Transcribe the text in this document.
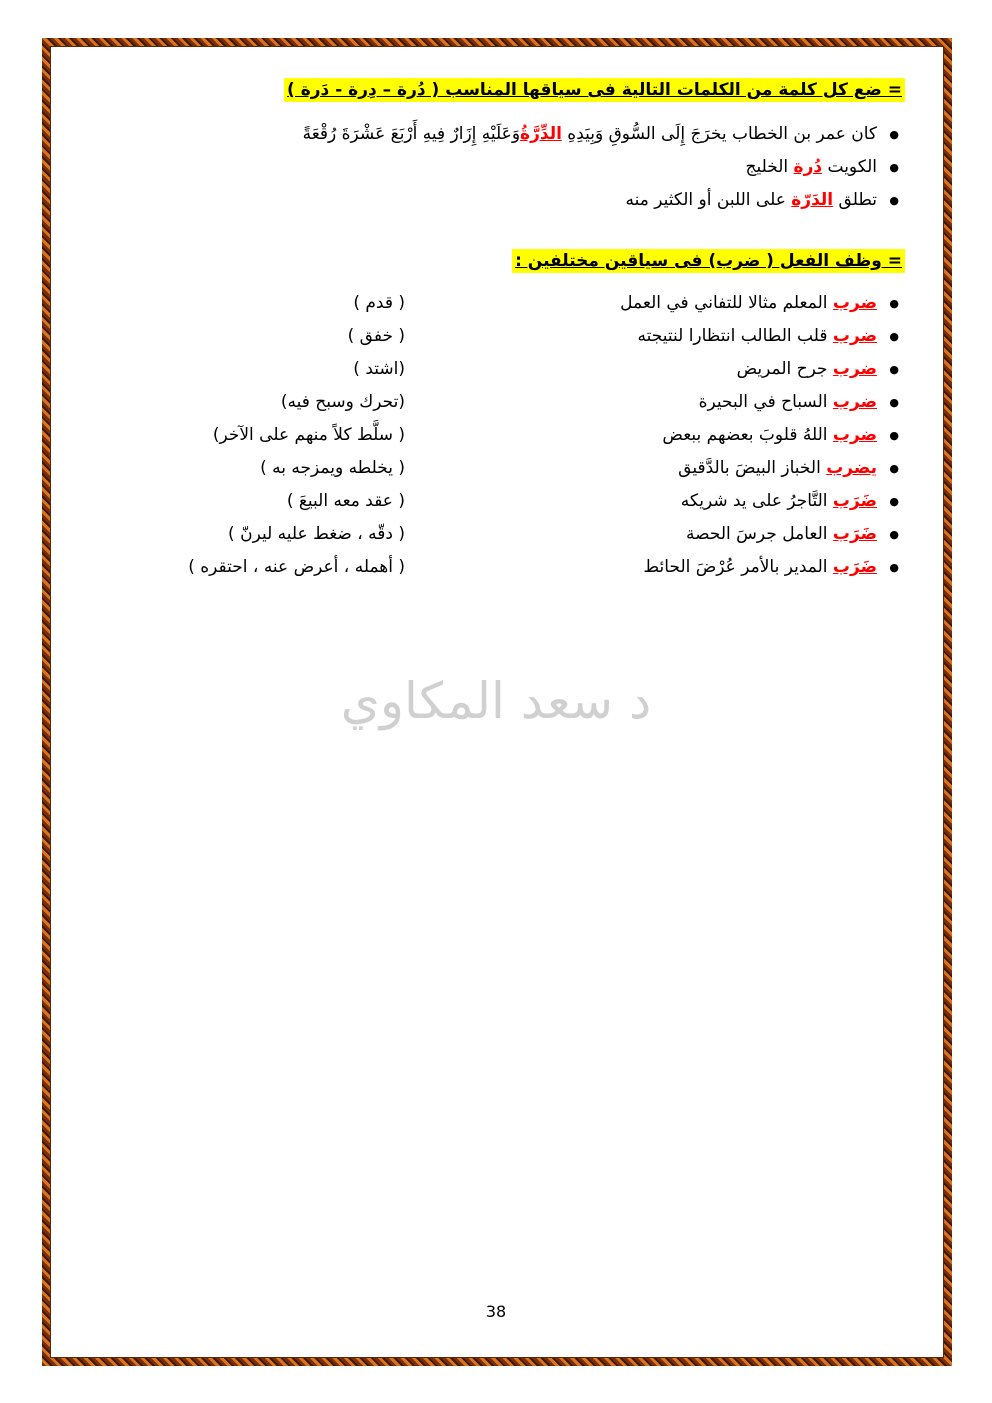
= ضع كل كلمة من الكلمات التالية فى سياقها المناسب ( دُرة – دِرة - دَرة )
● كان عمر بن الخطاب يخرَجَ إِلَى السُّوقِ وَبِيَدِهِ الدِّرَّةُوَعَلَيْهِ إِزَارٌ فِيهِ أَرْبَعَ عَشْرَةَ رُقْعَةً
● الكويت دُرة الخليج
● تطلق الدَرّة على اللبن أو الكثير منه
= وظف الفعل ( ضرب) فى سياقين مختلفين :
● ضرب المعلم مثالا للتفاني في العمل
( قدم )
● ضرب قلب الطالب انتظارا لنتيجته
( خفق )
● ضرب جرح المريض
(اشتد )
● ضرب السباح في البحيرة
(تحرك وسبح فيه)
● ضرب اللهُ قلوبَ بعضهم ببعض
( سلَّط كلاً منهم على الآخر)
● يضرب الخباز البيضَ بالدَّقيق
( يخلطه ويمزجه به )
● ضَرَب التَّاجرُ على يد شريكه
( عقد معه البيعَ )
● ضَرَب العامل جرسَ الحصة
( دقّه ، ضغط عليه ليرنّ )
● ضَرَب المدير بالأمر عُرْضَ الحائط
( أهمله ، أعرض عنه ، احتقره )
د سعد المكاوي
38
